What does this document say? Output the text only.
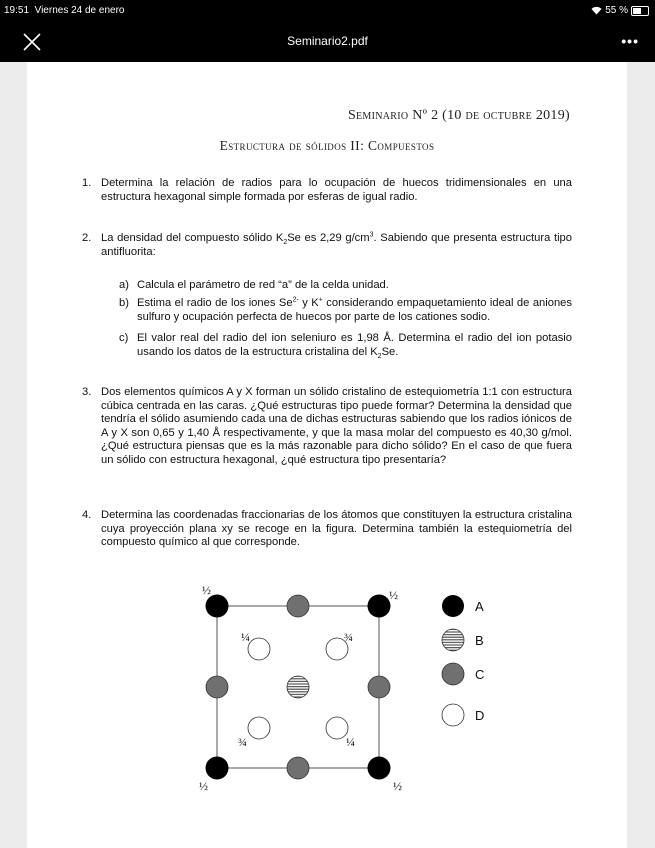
19:51 Viernes 24 de enero	55 %
Seminario2.pdf	•••
Seminario Nº 2 (10 de octubre 2019)
Estructura de sólidos II: Compuestos
1. Determina la relación de radios para lo ocupación de huecos tridimensionales en una estructura hexagonal simple formada por esferas de igual radio.
2. La densidad del compuesto sólido $K_2Se$ es 2,29 $g/cm^3$. Sabiendo que presenta estructura tipo antifluorita:
a) Calcula el parámetro de red “a” de la celda unidad.
b) Estima el radio de los iones $Se^{2-}$ y K+ considerando empaquetamiento ideal de aniones sulfuro y ocupación perfecta de huecos por parte de los cationes sodio.
c) El valor real del radio del ion seleniuro es 1,98 Å. Determina el radio del ion potasio usando los datos de la estructura cristalina del $K_2Se$.
3. Dos elementos químicos A y X forman un sólido cristalino de estequiometría 1:1 con estructura cúbica centrada en las caras. ¿Qué estructuras tipo puede formar? Determina la densidad que tendría el sólido asumiendo cada una de dichas estructuras sabiendo que los radios iónicos de A y X son 0,65 y 1,40 Å respectivamente, y que la masa molar del compuesto es 40,30 g/mol. ¿Qué estructura piensas que es la más razonable para dicho sólido? En el caso de que fuera un sólido con estructura hexagonal, ¿qué estructura tipo presentaría?
4. Determina las coordenadas fraccionarias de los átomos que constituyen la estructura cristalina cuya proyección plana xy se recoge en la figura. Determina también la estequiometría del compuesto químico al que corresponde.
½	½
¼	¾
¾	¼
½	½
A
B
C
D
